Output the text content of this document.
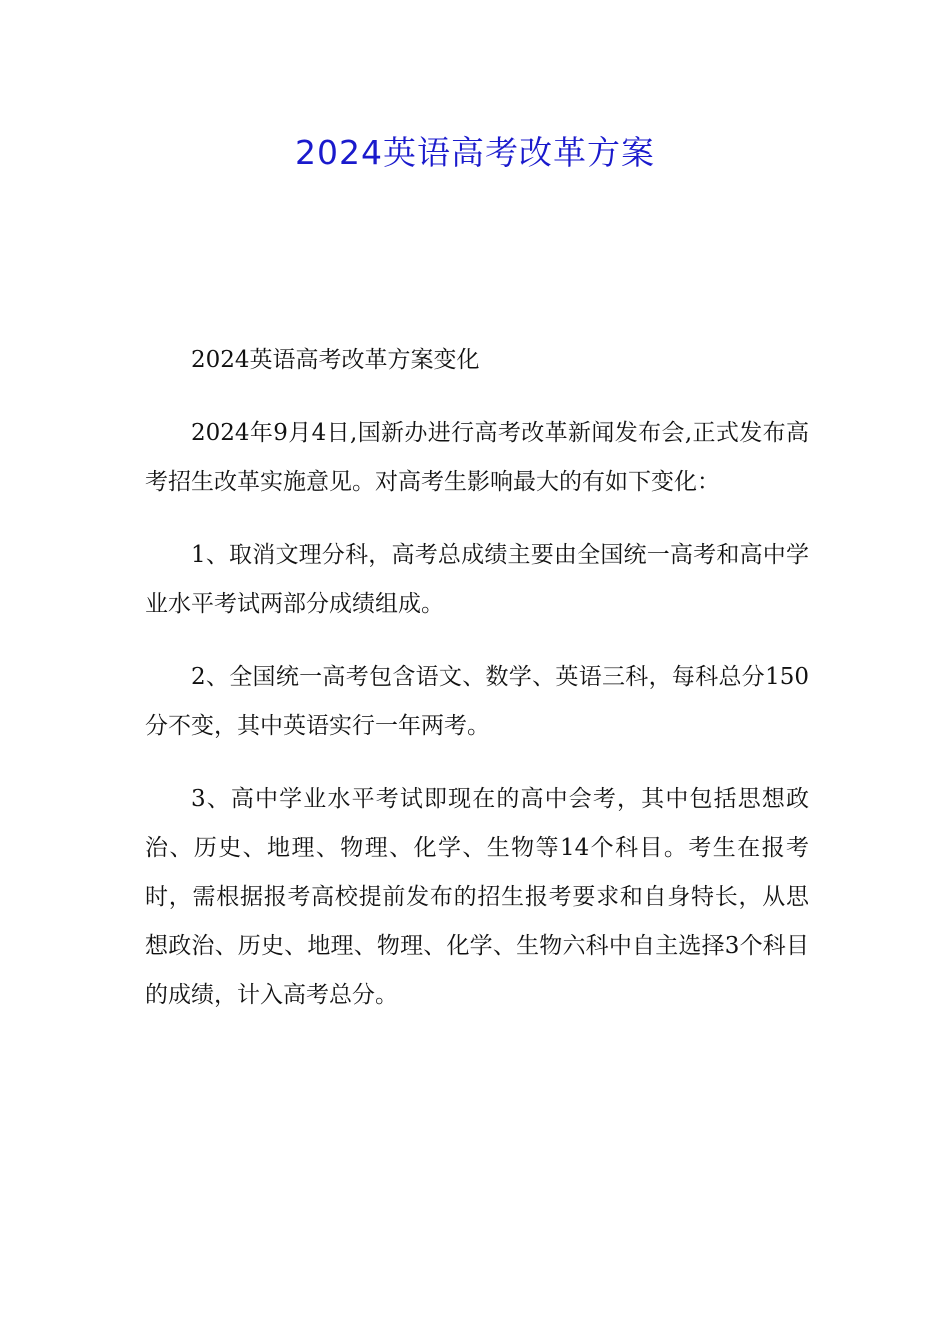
2024英语高考改革方案

2024英语高考改革方案变化

2024年9月4日,国新办进行高考改革新闻发布会,正式发布高考招生改革实施意见。对高考生影响最大的有如下变化：

1、取消文理分科，高考总成绩主要由全国统一高考和高中学业水平考试两部分成绩组成。

2、全国统一高考包含语文、数学、英语三科，每科总分150分不变，其中英语实行一年两考。

3、高中学业水平考试即现在的高中会考，其中包括思想政治、历史、地理、物理、化学、生物等14个科目。考生在报考时，需根据报考高校提前发布的招生报考要求和自身特长，从思想政治、历史、地理、物理、化学、生物六科中自主选择3个科目的成绩，计入高考总分。
